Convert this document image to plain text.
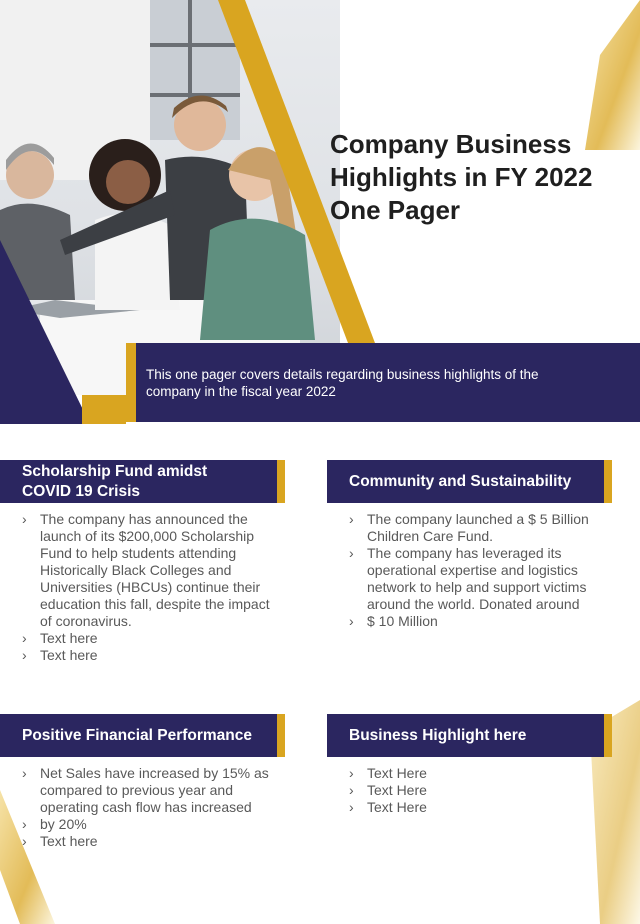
Company Business
Highlights in FY 2022
One Pager
This one pager covers details regarding business highlights of the company in the fiscal year 2022
Scholarship Fund amidst
COVID 19 Crisis
› The company has announced the launch of its $200,000 Scholarship Fund to help students attending Historically Black Colleges and Universities (HBCUs) continue their education this fall, despite the impact of coronavirus.
› Text here
› Text here
Community and Sustainability
› The company launched a $ 5 Billion Children Care Fund.
› The company has leveraged its operational expertise and logistics network to help and support victims around the world. Donated around
› $ 10 Million
Positive Financial Performance
› Net Sales have increased by 15% as compared to previous year and operating cash flow has increased
› by 20%
› Text here
Business Highlight here
› Text Here
› Text Here
› Text Here
